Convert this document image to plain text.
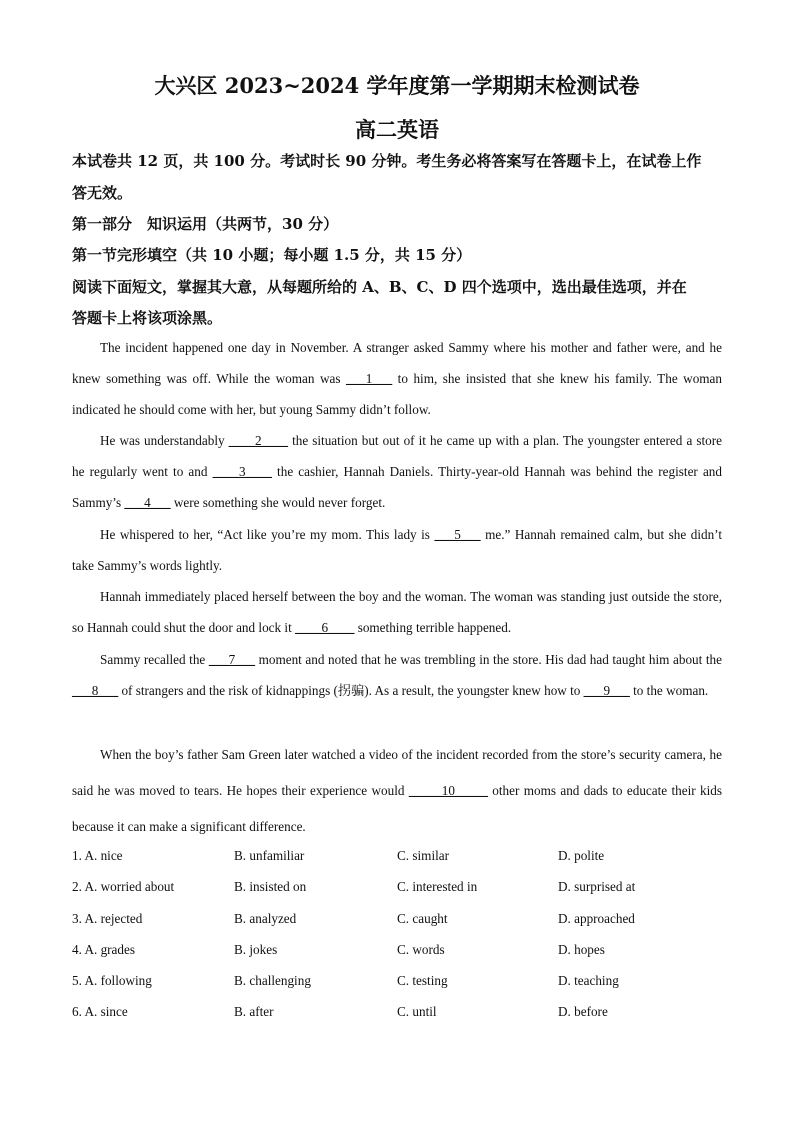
大兴区 2023~2024 学年度第一学期期末检测试卷
高二英语
本试卷共 12 页，共 100 分。考试时长 90 分钟。考生务必将答案写在答题卡上，在试卷上作
答无效。
第一部分　知识运用（共两节，30 分）
第一节完形填空（共 10 小题；每小题 1.5 分，共 15 分）
阅读下面短文，掌握其大意，从每题所给的 A、B、C、D 四个选项中，选出最佳选项，并在
答题卡上将该项涂黑。
The incident happened one day in November. A stranger asked Sammy where his mother and father were, and he knew something was off. While the woman was ___1___ to him, she insisted that she knew his family. The woman indicated he should come with her, but young Sammy didn’t follow.
He was understandably ____2____ the situation but out of it he came up with a plan. The youngster entered a store he regularly went to and ____3____ the cashier, Hannah Daniels. Thirty-year-old Hannah was behind the register and Sammy’s ___4___ were something she would never forget.
He whispered to her, “Act like you’re my mom. This lady is ___5___ me.” Hannah remained calm, but she didn’t take Sammy’s words lightly.
Hannah immediately placed herself between the boy and the woman. The woman was standing just outside the store, so Hannah could shut the door and lock it ____6____ something terrible happened.
Sammy recalled the ___7___ moment and noted that he was trembling in the store. His dad had taught him about the ___8___ of strangers and the risk of kidnappings (拐骗). As a result, the youngster knew how to ___9___ to the woman.
When the boy’s father Sam Green later watched a video of the incident recorded from the store’s security camera, he said he was moved to tears. He hopes their experience would _____10_____ other moms and dads to educate their kids because it can make a significant difference.
1. A. nice	B. unfamiliar	C. similar	D. polite
2. A. worried about	B. insisted on	C. interested in	D. surprised at
3. A. rejected	B. analyzed	C. caught	D. approached
4. A. grades	B. jokes	C. words	D. hopes
5. A. following	B. challenging	C. testing	D. teaching
6. A. since	B. after	C. until	D. before
